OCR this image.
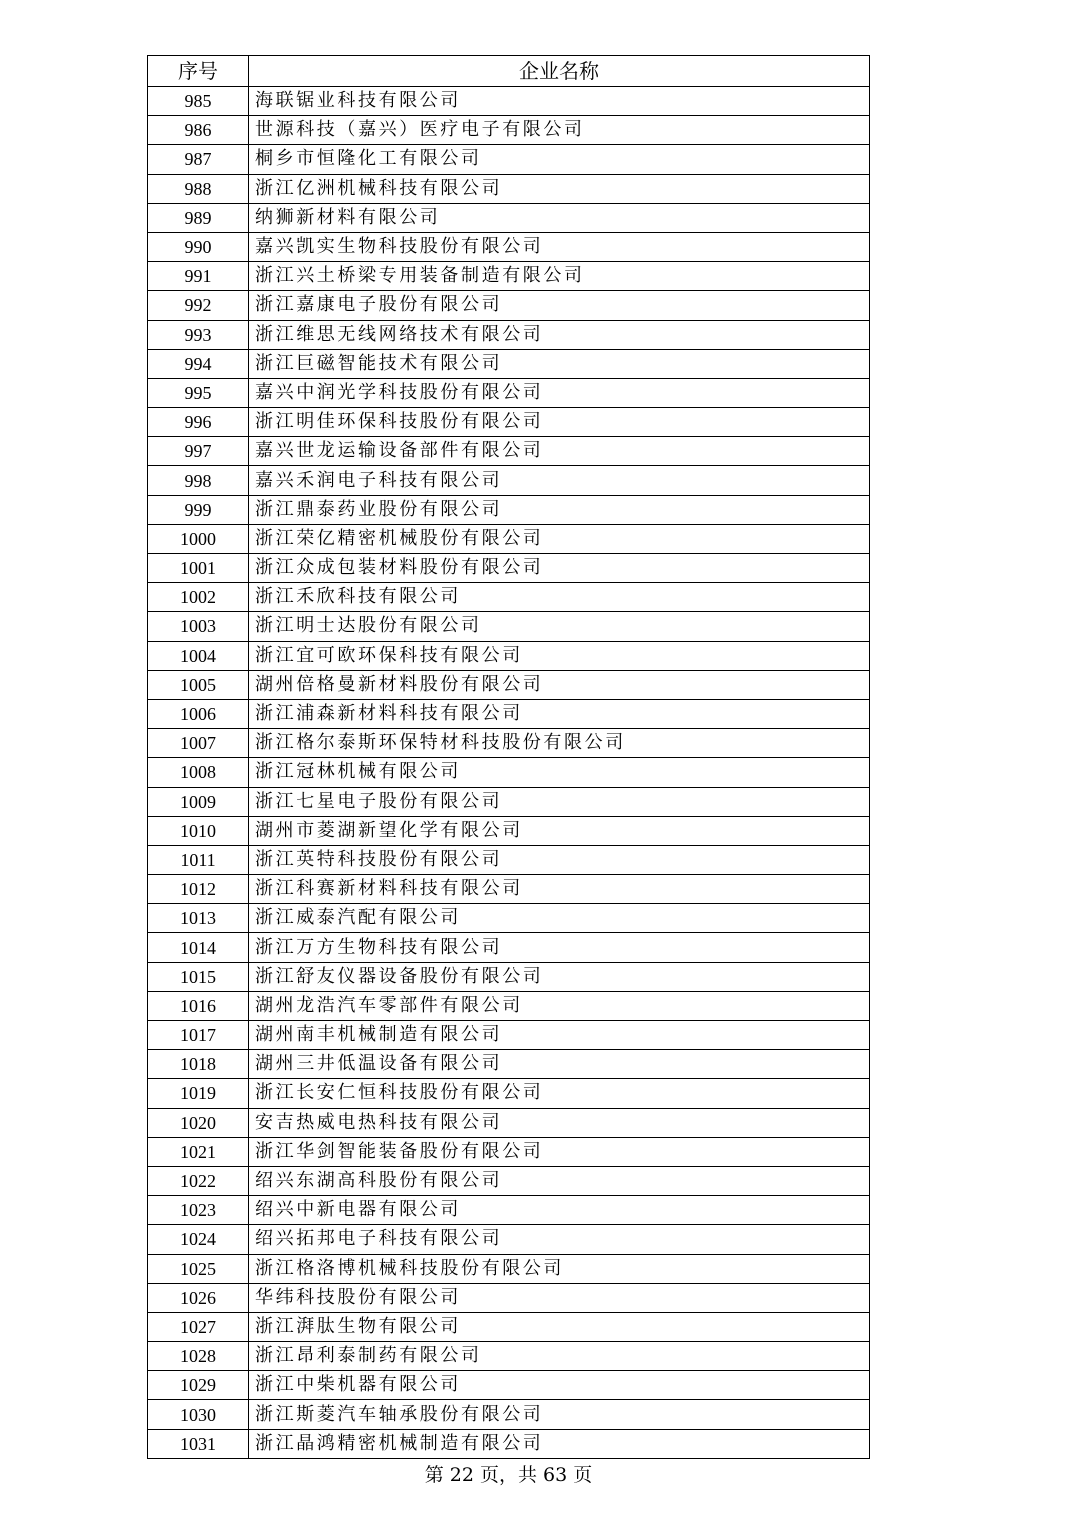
序号	企业名称
985	海联锯业科技有限公司
986	世源科技（嘉兴）医疗电子有限公司
987	桐乡市恒隆化工有限公司
988	浙江亿洲机械科技有限公司
989	纳狮新材料有限公司
990	嘉兴凯实生物科技股份有限公司
991	浙江兴土桥梁专用装备制造有限公司
992	浙江嘉康电子股份有限公司
993	浙江维思无线网络技术有限公司
994	浙江巨磁智能技术有限公司
995	嘉兴中润光学科技股份有限公司
996	浙江明佳环保科技股份有限公司
997	嘉兴世龙运输设备部件有限公司
998	嘉兴禾润电子科技有限公司
999	浙江鼎泰药业股份有限公司
1000	浙江荣亿精密机械股份有限公司
1001	浙江众成包装材料股份有限公司
1002	浙江禾欣科技有限公司
1003	浙江明士达股份有限公司
1004	浙江宜可欧环保科技有限公司
1005	湖州倍格曼新材料股份有限公司
1006	浙江浦森新材料科技有限公司
1007	浙江格尔泰斯环保特材科技股份有限公司
1008	浙江冠林机械有限公司
1009	浙江七星电子股份有限公司
1010	湖州市菱湖新望化学有限公司
1011	浙江英特科技股份有限公司
1012	浙江科赛新材料科技有限公司
1013	浙江威泰汽配有限公司
1014	浙江万方生物科技有限公司
1015	浙江舒友仪器设备股份有限公司
1016	湖州龙浩汽车零部件有限公司
1017	湖州南丰机械制造有限公司
1018	湖州三井低温设备有限公司
1019	浙江长安仁恒科技股份有限公司
1020	安吉热威电热科技有限公司
1021	浙江华剑智能装备股份有限公司
1022	绍兴东湖高科股份有限公司
1023	绍兴中新电器有限公司
1024	绍兴拓邦电子科技有限公司
1025	浙江格洛博机械科技股份有限公司
1026	华纬科技股份有限公司
1027	浙江湃肽生物有限公司
1028	浙江昂利泰制药有限公司
1029	浙江中柴机器有限公司
1030	浙江斯菱汽车轴承股份有限公司
1031	浙江晶鸿精密机械制造有限公司
第 22 页，共 63 页
